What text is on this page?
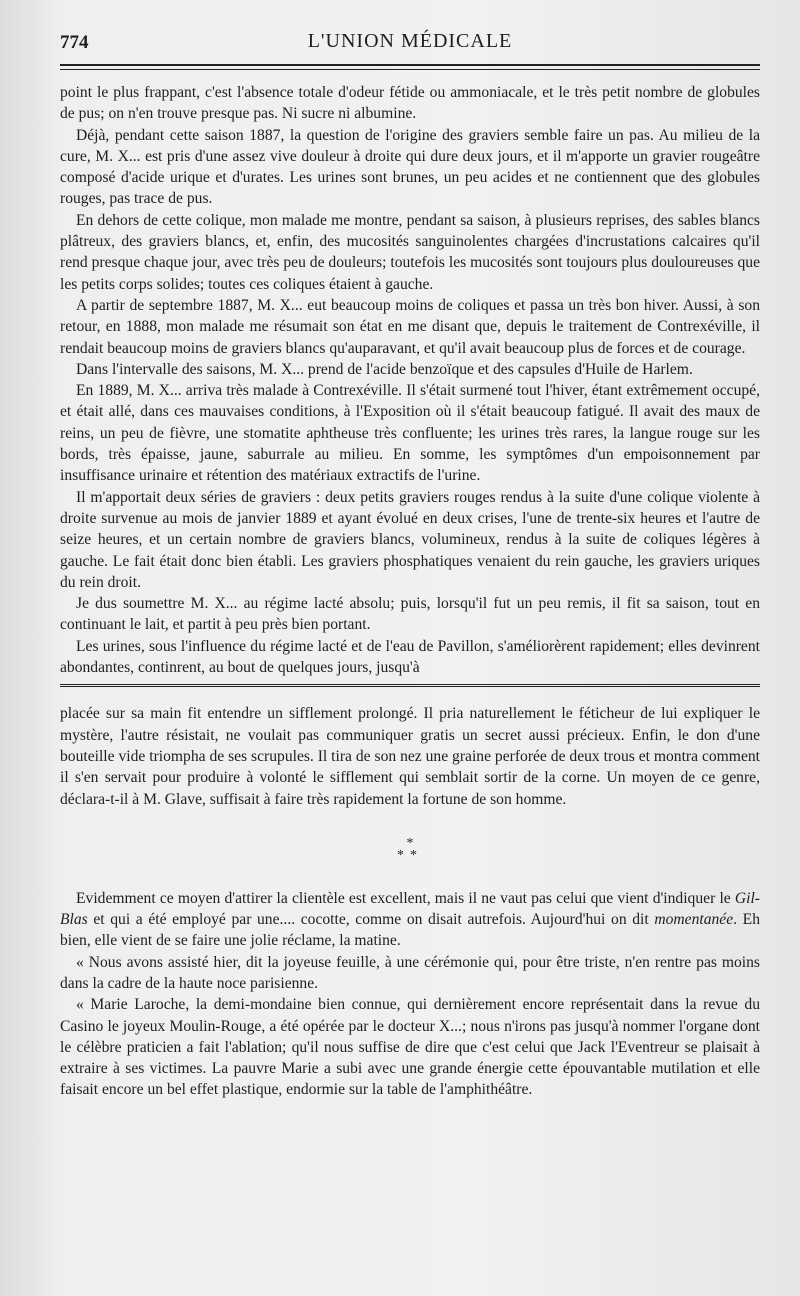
774	L'UNION MÉDICALE

point le plus frappant, c'est l'absence totale d'odeur fétide ou ammoniacale, et le très petit nombre de globules de pus; on n'en trouve presque pas. Ni sucre ni albumine.

Déjà, pendant cette saison 1887, la question de l'origine des graviers semble faire un pas. Au milieu de la cure, M. X... est pris d'une assez vive douleur à droite qui dure deux jours, et il m'apporte un gravier rougeâtre composé d'acide urique et d'urates. Les urines sont brunes, un peu acides et ne contiennent que des globules rouges, pas trace de pus.

En dehors de cette colique, mon malade me montre, pendant sa saison, à plusieurs reprises, des sables blancs plâtreux, des graviers blancs, et, enfin, des mucosités sanguinolentes chargées d'incrustations calcaires qu'il rend presque chaque jour, avec très peu de douleurs; toutefois les mucosités sont toujours plus douloureuses que les petits corps solides; toutes ces coliques étaient à gauche.

A partir de septembre 1887, M. X... eut beaucoup moins de coliques et passa un très bon hiver. Aussi, à son retour, en 1888, mon malade me résumait son état en me disant que, depuis le traitement de Contrexéville, il rendait beaucoup moins de graviers blancs qu'auparavant, et qu'il avait beaucoup plus de forces et de courage.

Dans l'intervalle des saisons, M. X... prend de l'acide benzoïque et des capsules d'Huile de Harlem.

En 1889, M. X... arriva très malade à Contrexéville. Il s'était surmené tout l'hiver, étant extrêmement occupé, et était allé, dans ces mauvaises conditions, à l'Exposition où il s'était beaucoup fatigué. Il avait des maux de reins, un peu de fièvre, une stomatite aphtheuse très confluente; les urines très rares, la langue rouge sur les bords, très épaisse, jaune, saburrale au milieu. En somme, les symptômes d'un empoisonnement par insuffisance urinaire et rétention des matériaux extractifs de l'urine.

Il m'apportait deux séries de graviers : deux petits graviers rouges rendus à la suite d'une colique violente à droite survenue au mois de janvier 1889 et ayant évolué en deux crises, l'une de trente-six heures et l'autre de seize heures, et un certain nombre de graviers blancs, volumineux, rendus à la suite de coliques légères à gauche. Le fait était donc bien établi. Les graviers phosphatiques venaient du rein gauche, les graviers uriques du rein droit.

Je dus soumettre M. X... au régime lacté absolu; puis, lorsqu'il fut un peu remis, il fit sa saison, tout en continuant le lait, et partit à peu près bien portant.

Les urines, sous l'influence du régime lacté et de l'eau de Pavillon, s'améliorèrent rapidement; elles devinrent abondantes, continrent, au bout de quelques jours, jusqu'à

placée sur sa main fit entendre un sifflement prolongé. Il pria naturellement le féticheur de lui expliquer le mystère, l'autre résistait, ne voulait pas communiquer gratis un secret aussi précieux. Enfin, le don d'une bouteille vide triompha de ses scrupules. Il tira de son nez une graine perforée de deux trous et montra comment il s'en servait pour produire à volonté le sifflement qui semblait sortir de la corne. Un moyen de ce genre, déclara-t-il à M. Glave, suffisait à faire très rapidement la fortune de son homme.

*
**

Evidemment ce moyen d'attirer la clientèle est excellent, mais il ne vaut pas celui que vient d'indiquer le Gil-Blas et qui a été employé par une.... cocotte, comme on disait autrefois. Aujourd'hui on dit momentanée. Eh bien, elle vient de se faire une jolie réclame, la matine.

« Nous avons assisté hier, dit la joyeuse feuille, à une cérémonie qui, pour être triste, n'en rentre pas moins dans la cadre de la haute noce parisienne.

« Marie Laroche, la demi-mondaine bien connue, qui dernièrement encore représentait dans la revue du Casino le joyeux Moulin-Rouge, a été opérée par le docteur X...; nous n'irons pas jusqu'à nommer l'organe dont le célèbre praticien a fait l'ablation; qu'il nous suffise de dire que c'est celui que Jack l'Eventreur se plaisait à extraire à ses victimes. La pauvre Marie a subi avec une grande énergie cette épouvantable mutilation et elle faisait encore un bel effet plastique, endormie sur la table de l'amphithéâtre.
